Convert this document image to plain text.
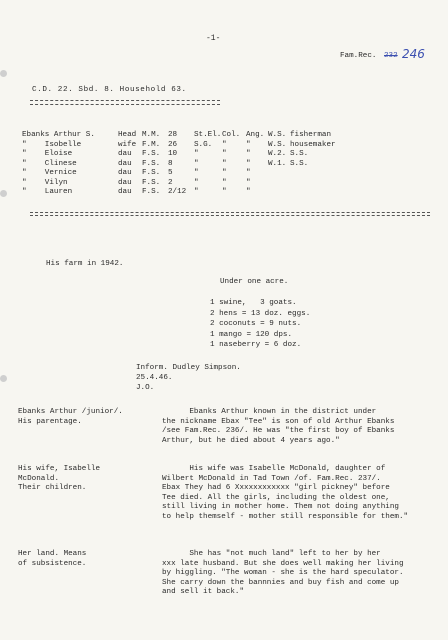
-1-
Fam.Rec. 232 246
C.D. 22. Sbd. 8. Household 63.
Ebanks Arthur S.	Head M.M. 28 St.El. Col. Ang. W.S. fisherman
"    Isobelle	wife F.M. 26 S.G. "	" W.S. housemaker
"    Eloise	dau F.S. 10 "	"	" W.2. S.S.
"    Clinese	dau F.S. 8	"	"	" W.1. S.S.
"    Vernice	dau F.S. 5	"	"	"
"    Vilyn	dau F.S. 2	"	"	"
"    Lauren	dau F.S. 2/12 "	"	"
His farm in 1942.
Under one acre.
1 swine,   3 goats.
2 hens = 13 doz. eggs.
2 coconuts = 9 nuts.
1 mango = 120 dps.
1 naseberry = 6 doz.
Inform. Dudley Simpson.
25.4.46.
J.O.
Ebanks Arthur /junior/.
His parentage.
Ebanks Arthur known in the district under
the nickname Ebax "Tee" is son of old Arthur Ebanks
/see Fam.Rec. 236/. He was "the first boy of Ebanks
Arthur, but he died about 4 years ago."
His wife, Isabelle
McDonald.
Their children.
His wife was Isabelle McDonald, daughter of
Wilbert McDonald in Tad Town /of. Fam.Rec. 237/.
Ebax They had 6 Xxxxxxxxxxxx "girl pickney" before
Tee died. All the girls, including the oldest one,
still living in mother home. Them not doing anything
to help themself - mother still responsible for them."
Her land. Means
of subsistence.
She has "not much land" left to her by her
xxx late husband. But she does well making her living
by higgling. "The woman - she is the hard speculator.
She carry down the bannnies and buy fish and come up
and sell it back."
